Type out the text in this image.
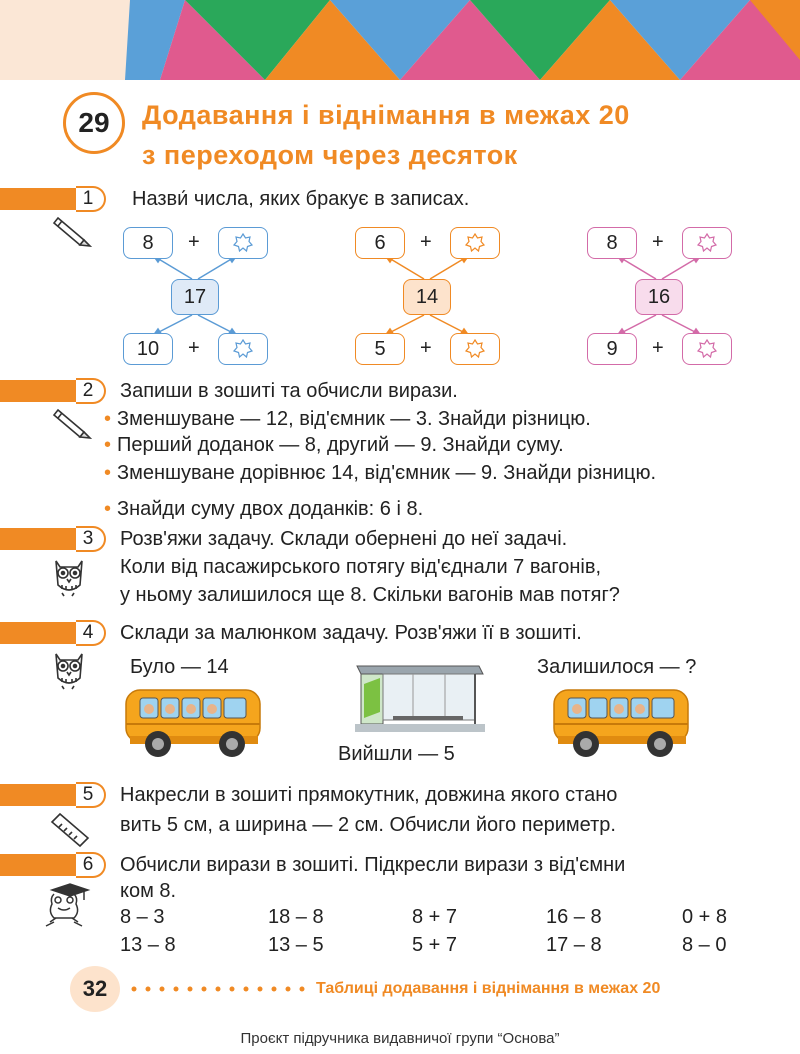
29 Додавання і віднімання в межах 20
з переходом через десяток
1	Назви́ числа, яких бракує в записах.
8	+
17
10	+
6	+
14
5	+
8	+
16
9	+
2	Запиши в зошиті та обчисли вирази.
• Зменшуване — 12, від'ємник — 3. Знайди різницю.
• Перший доданок — 8, другий — 9. Знайди суму.
• Зменшуване дорівнює 14, від'ємник — 9. Знайди різницю.
• Знайди суму двох доданків: 6 і 8.
3	Розв'яжи задачу. Склади обернені до неї задачі.
Коли від пасажирського потягу від'єднали 7 вагонів,
у ньому залишилося ще 8. Скільки вагонів мав потяг?
4	Склади за малюнком задачу. Розв'яжи її в зошиті.
Було — 14	Залишилося — ?
Вийшли — 5
5	Накресли в зошиті прямокутник, довжина якого стано
вить 5 см, а ширина — 2 см. Обчисли його периметр.
6	Обчисли вирази в зошиті. Підкресли вирази з від'ємни
ком 8.
8 – 3	18 – 8	8 + 7	16 – 8	0 + 8
13 – 8	13 – 5	5 + 7	17 – 8	8 – 0
32	Таблиці додавання і віднімання в межах 20
Проєкт підручника видавничої групи “Основа”
